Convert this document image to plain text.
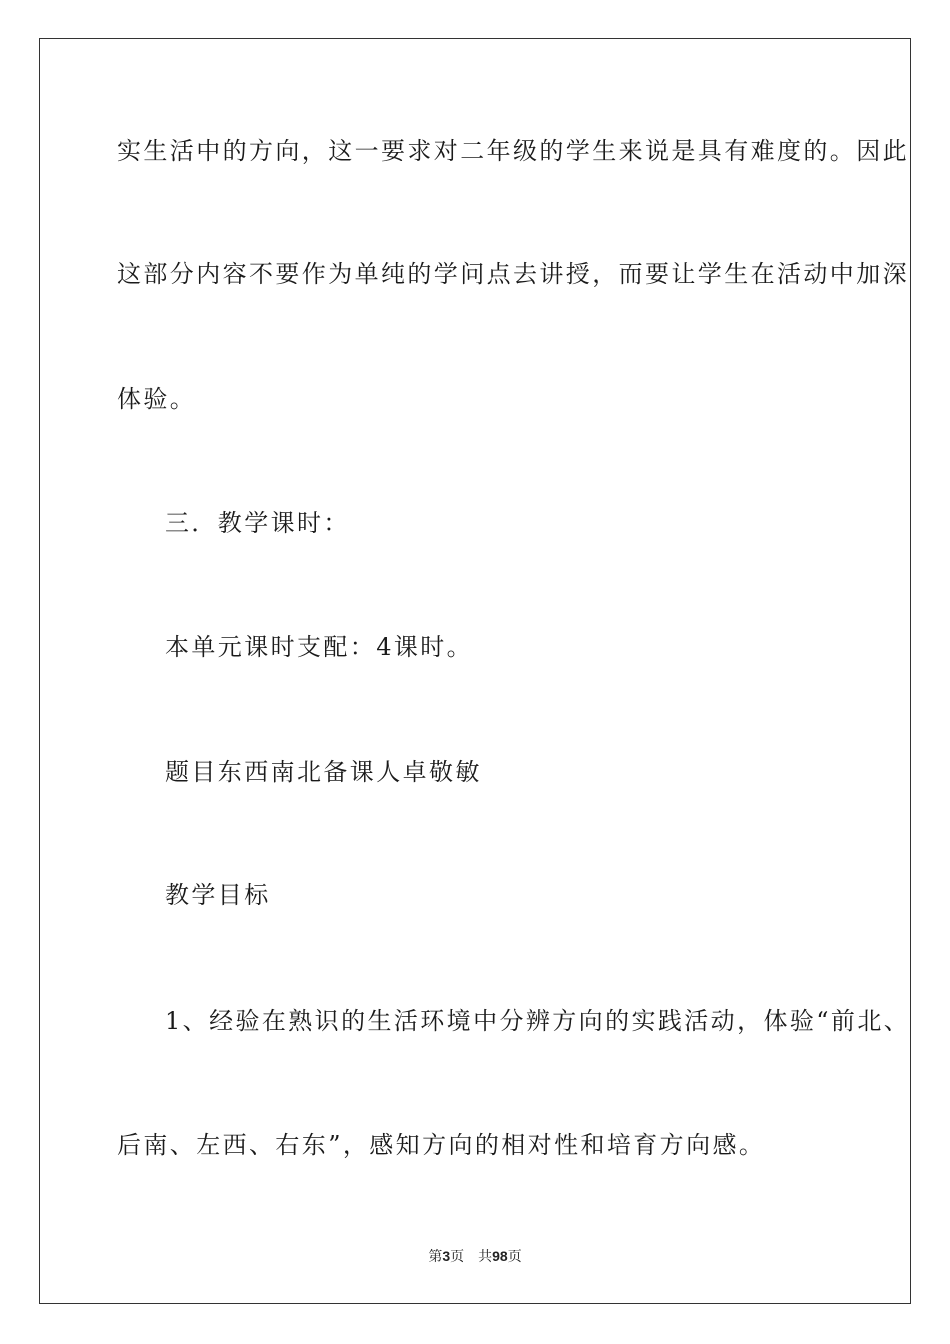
实生活中的方向，这一要求对二年级的学生来说是具有难度的。因此
这部分内容不要作为单纯的学问点去讲授，而要让学生在活动中加深
体验。
三．教学课时：
本单元课时支配：4课时。
题目东西南北备课人卓敬敏
教学目标
1、经验在熟识的生活环境中分辨方向的实践活动，体验“前北、
后南、左西、右东”，感知方向的相对性和培育方向感。
第3页 共98页
